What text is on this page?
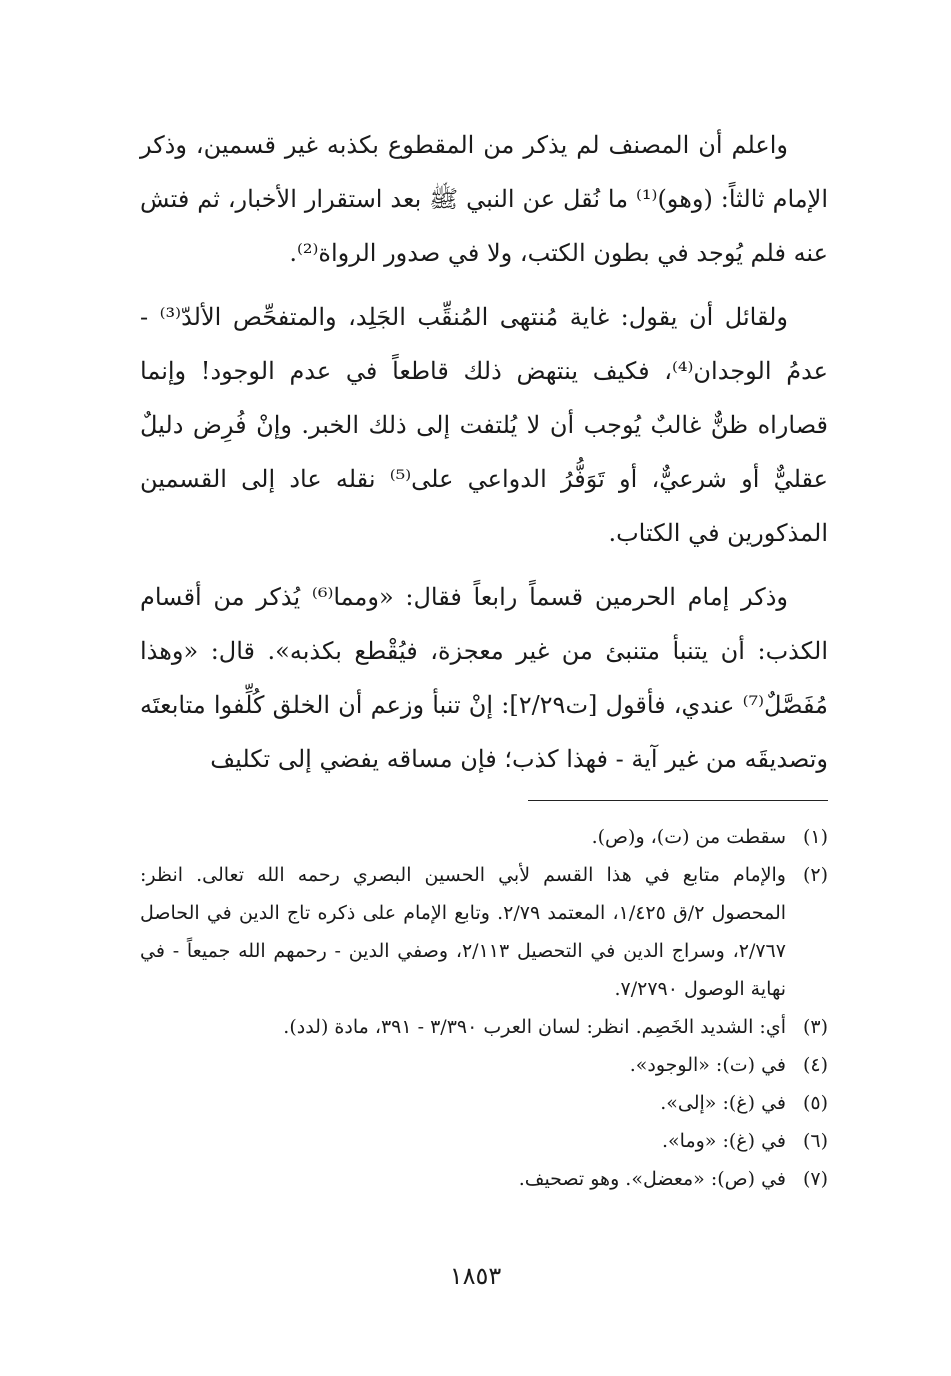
واعلم أن المصنف لم يذكر من المقطوع بكذبه غير قسمين، وذكر الإمام ثالثاً: (وهو)⁽¹⁾ ما نُقل عن النبي ﷺ بعد استقرار الأخبار، ثم فتش عنه فلم يُوجد في بطون الكتب، ولا في صدور الرواة⁽²⁾.

ولقائل أن يقول: غاية مُنتهى المُنقِّب الجَلِد، والمتفحِّص الألدّ⁽³⁾ - عدمُ الوجدان⁽⁴⁾، فكيف ينتهض ذلك قاطعاً في عدم الوجود! وإنما قصاراه ظنٌّ غالبٌ يُوجب أن لا يُلتفت إلى ذلك الخبر. وإنْ فُرِض دليلٌ عقليٌّ أو شرعيٌّ، أو تَوَفُّرُ الدواعي على⁽⁵⁾ نقله عاد إلى القسمين المذكورين في الكتاب.

وذكر إمام الحرمين قسماً رابعاً فقال: «ومما⁽⁶⁾ يُذكر من أقسام الكذب: أن يتنبأ متنبئ من غير معجزة، فيُقْطع بكذبه». قال: «وهذا مُفَصَّلٌ⁽⁷⁾ عندي، فأقول [ت٢/٢٩]: إنْ تنبأ وزعم أن الخلق كُلِّفوا متابعتَه وتصديقَه من غير آية - فهذا كذب؛ فإن مساقه يفضي إلى تكليف

(١)
سقطت من (ت)، و(ص).
(٢)
والإمام متابع في هذا القسم لأبي الحسين البصري رحمه الله تعالى. انظر: المحصول ٢/ق ١/٤٢٥، المعتمد ٢/٧٩. وتابع الإمام على ذكره تاج الدين في الحاصل ٢/٧٦٧، وسراج الدين في التحصيل ٢/١١٣، وصفي الدين - رحمهم الله جميعاً - في نهاية الوصول ٧/٢٧٩٠.
(٣)
أي: الشديد الخَصِم. انظر: لسان العرب ٣/٣٩٠ - ٣٩١، مادة (لدد).
(٤)
في (ت): «الوجود».
(٥)
في (غ): «إلى».
(٦)
في (غ): «وما».
(٧)
في (ص): «معضل». وهو تصحيف.
١٨٥٣
